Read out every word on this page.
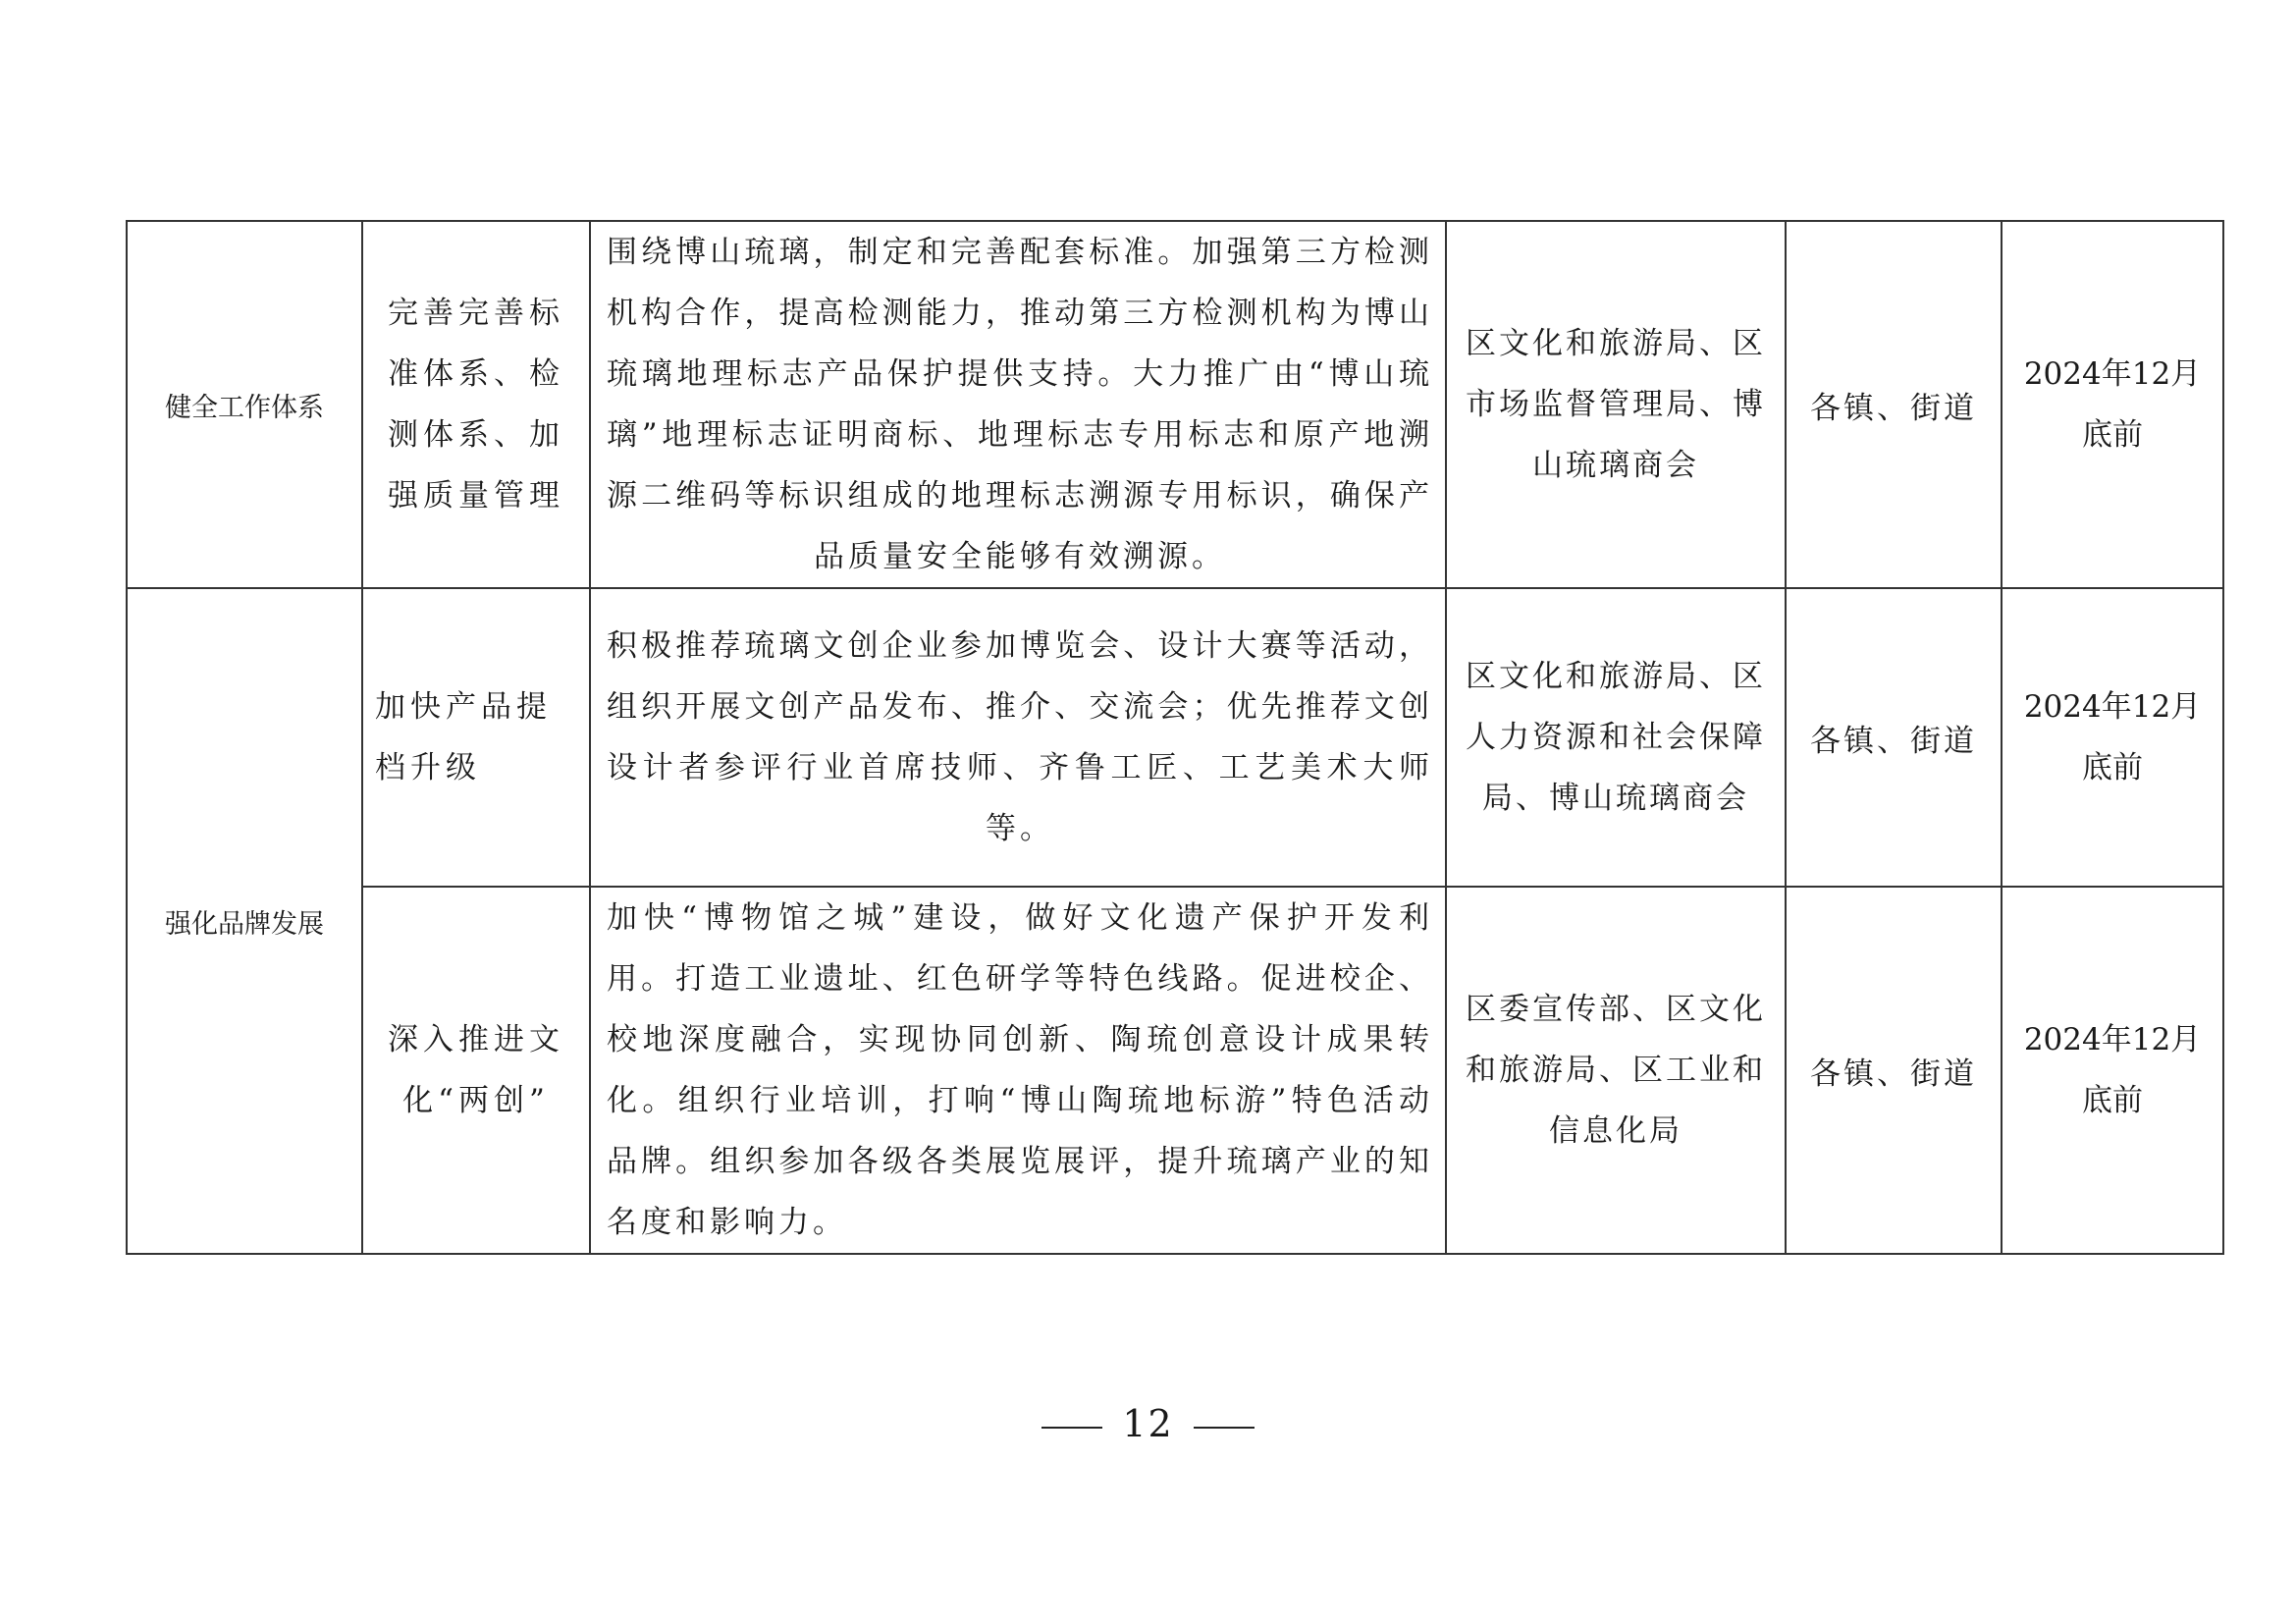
健全工作体系	完善完善标准体系、检测体系、加强质量管理	围绕博山琉璃，制定和完善配套标准。加强第三方检测机构合作，提高检测能力，推动第三方检测机构为博山琉璃地理标志产品保护提供支持。大力推广由“博山琉璃”地理标志证明商标、地理标志专用标志和原产地溯源二维码等标识组成的地理标志溯源专用标识，确保产品质量安全能够有效溯源。	区文化和旅游局、区市场监督管理局、博山琉璃商会	各镇、街道	2024年12月底前

强化品牌发展	加快产品提档升级	积极推荐琉璃文创企业参加博览会、设计大赛等活动，组织开展文创产品发布、推介、交流会；优先推荐文创设计者参评行业首席技师、齐鲁工匠、工艺美术大师等。	区文化和旅游局、区人力资源和社会保障局、博山琉璃商会	各镇、街道	2024年12月底前

深入推进文化“两创”	加快“博物馆之城”建设，做好文化遗产保护开发利用。打造工业遗址、红色研学等特色线路。促进校企、校地深度融合，实现协同创新、陶琉创意设计成果转化。组织行业培训，打响“博山陶琉地标游”特色活动品牌。组织参加各级各类展览展评，提升琉璃产业的知名度和影响力。	区委宣传部、区文化和旅游局、区工业和信息化局	各镇、街道	2024年12月底前
12
